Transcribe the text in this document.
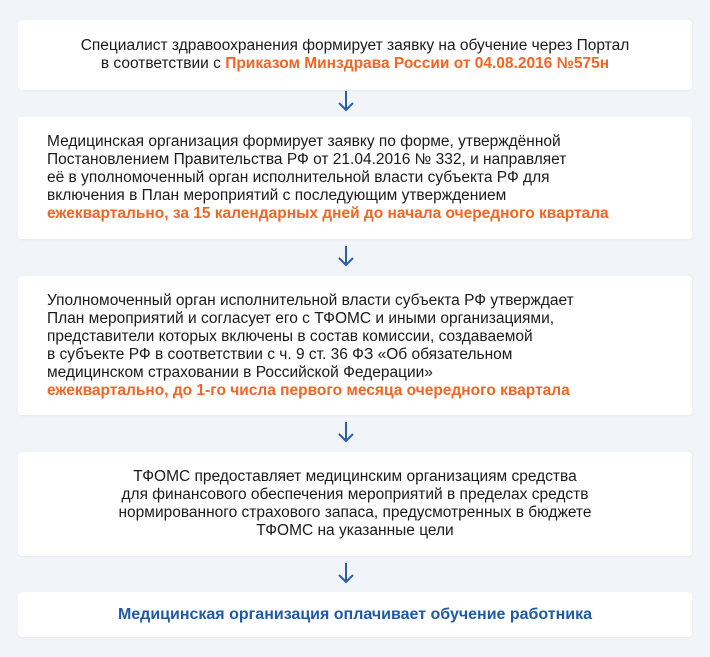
Специалист здравоохранения формирует заявку на обучение через Портал
в соответствии с Приказом Минздрава России от 04.08.2016 №575н
Медицинская организация формирует заявку по форме, утверждённой
Постановлением Правительства РФ от 21.04.2016 № 332, и направляет
её в уполномоченный орган исполнительной власти субъекта РФ для
включения в План мероприятий с последующим утверждением
ежеквартально, за 15 календарных дней до начала очередного квартала
Уполномоченный орган исполнительной власти субъекта РФ утверждает
План мероприятий и согласует его с ТФОМС и иными организациями,
представители которых включены в состав комиссии, создаваемой
в субъекте РФ в соответствии с ч. 9 ст. 36 ФЗ «Об обязательном
медицинском страховании в Российской Федерации»
ежеквартально, до 1-го числа первого месяца очередного квартала
ТФОМС предоставляет медицинским организациям средства
для финансового обеспечения мероприятий в пределах средств
нормированного страхового запаса, предусмотренных в бюджете
ТФОМС на указанные цели
Медицинская организация оплачивает обучение работника
